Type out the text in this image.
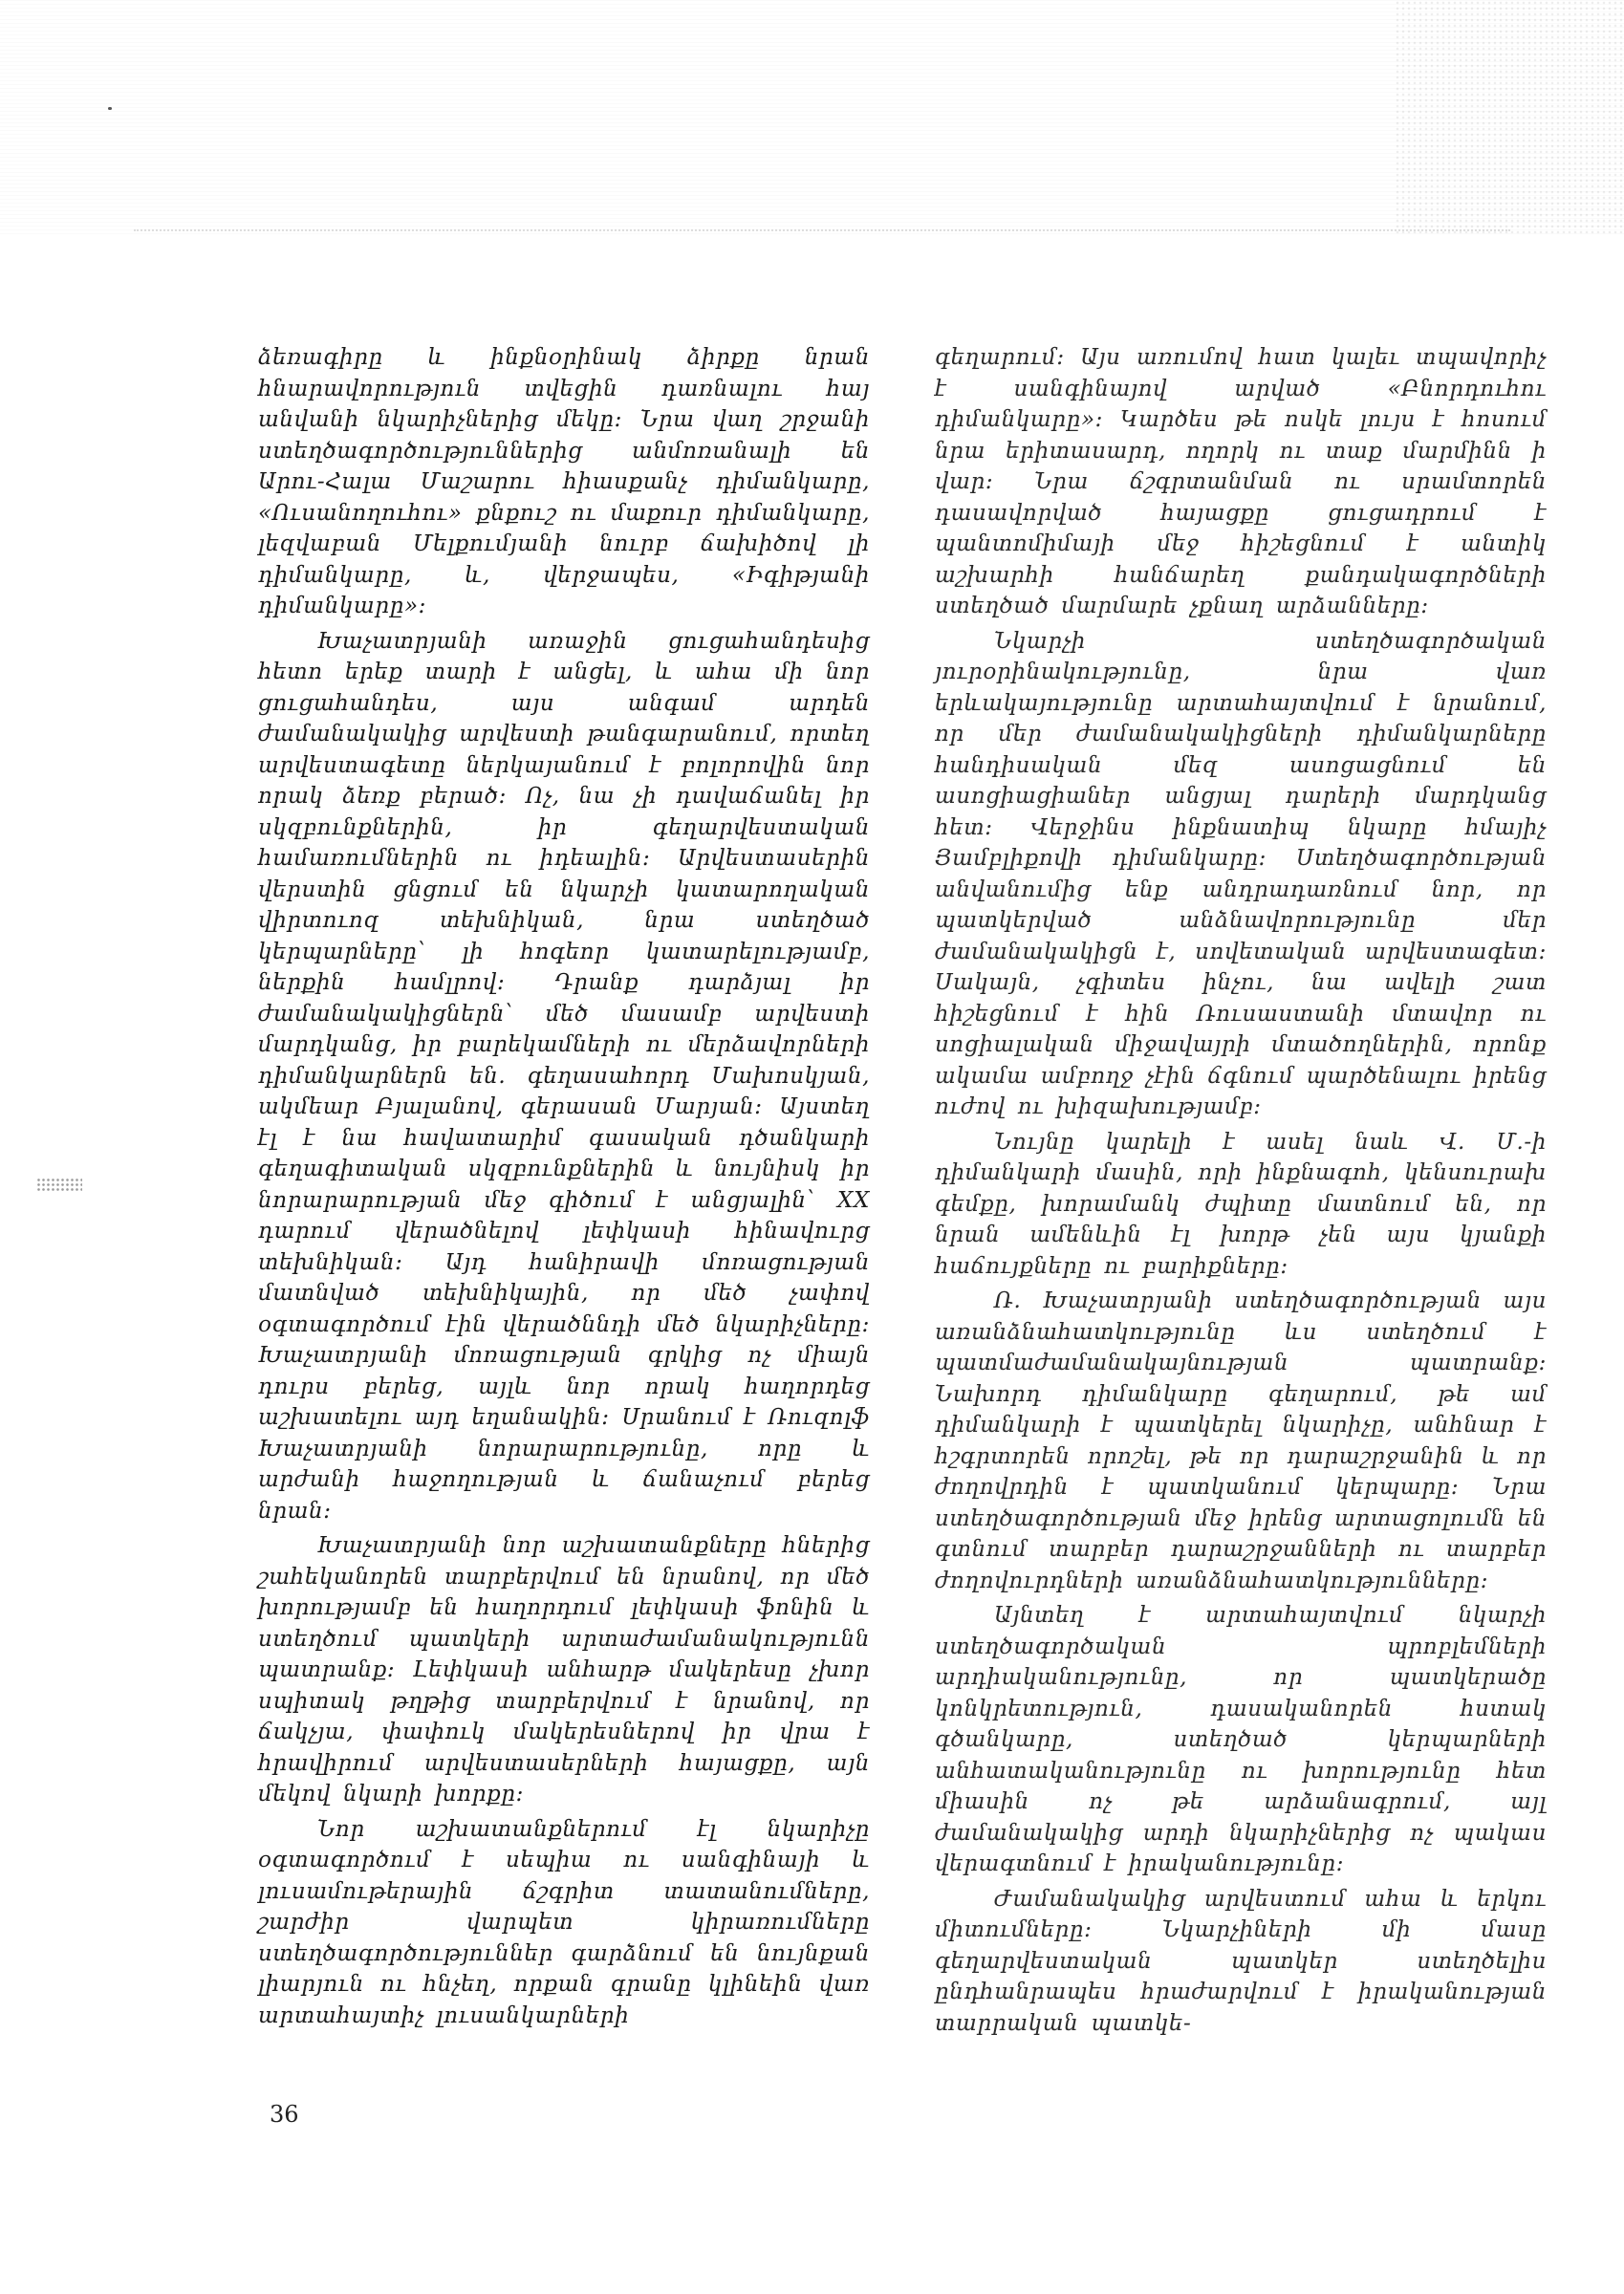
ձեռագիրը և ինքնօրինակ ձիրքը նրան հնարավորություն տվեցին դառնալու հայ անվանի նկարիչներից մեկը։ Նրա վաղ շրջանի ստեղծագործություններից անմոռանալի են Արու-Հալա Մաշարու հիասքանչ դիմանկարը, «Ուսանողուհու» քնքուշ ու մաքուր դիմանկարը, լեզվաբան Մելքումյանի նուրբ ճախիծով լի դիմանկարը, և, վերջապես, «Իգիթյանի դիմանկարը»։

Խաչատրյանի առաջին ցուցահանդեսից հետո երեք տարի է անցել, և ահա մի նոր ցուցահանդես, այս անգամ արդեն ժամանակակից արվեստի թանգարանում, որտեղ արվեստագետը ներկայանում է բոլորովին նոր որակ ձեռք բերած։ Ոչ, նա չի դավաճանել իր սկզբունքներին, իր գեղարվեստական համառումներին ու իդեալին։ Արվեստասերին վերստին ցնցում են նկարչի կատարողական վիրտուոզ տեխնիկան, նրա ստեղծած կերպարները՝ լի հոգեոր կատարելությամբ, ներքին համլրով։ Դրանք դարձյալ իր ժամանակակիցներն՝ մեծ մասամբ արվեստի մարդկանց, իր բարեկամների ու մերձավորների դիմանկարներն են. գեղասահորդ Մախոսկյան, ակմեար Բյալանով, գերասան Մարյան։ Այստեղ էլ է նա հավատարիմ գասական դծանկարի գեղագիտական սկզբունքներին և նույնիսկ իր նորարարության մեջ գիծում է անցյալին՝ XX դարում վերածնելով լեփկասի հինավուրց տեխնիկան։ Այդ հանիրավի մոռացության մատնված տեխնիկային, որ մեծ չափով օգտագործում էին վերածննդի մեծ նկարիչները։ Խաչատրյանի մոռացության գրկից ոչ միայն դուրս բերեց, այլև նոր որակ հաղորդեց աշխատելու այդ եղանակին։ Սրանում է Ռուզոլֆ Խաչատրյանի նորարարությունը, որը և արժանի հաջողության և ճանաչում բերեց նրան։

Խաչատրյանի նոր աշխատանքները հներից շահեկանորեն տարբերվում են նրանով, որ մեծ խորությամբ են հաղորդում լեփկասի ֆոնին և ստեղծում պատկերի արտաժամանակությունն պատրանք։ Լեփկասի անհարթ մակերեսը չխոր սպիտակ թղթից տարբերվում է նրանով, որ ճակչյա, փափուկ մակերեսներով իր վրա է հրավիրում արվեստասերների հայացքը, այն մեկով նկարի խորքը։

Նոր աշխատանքներում էլ նկարիչը օգտագործում է սեպիա ու սանգինայի և լուսամութերային ճշգրիտ տատանումները, շարժիր վարպետ կիրառումները ստեղծագործություններ գարձնում են նույնքան լիարյուն ու հնչեղ, որքան գրանը կլինեին վառ արտահայտիչ լուսանկարների

գեղարում։ Այս առումով հատ կալեւ տպավորիչ է սանգինայով արված «Բնորդուհու դիմանկարը»։ Կարծես թե ոսկե լույս է հոսում նրա երիտասարդ, ողորկ ու տաք մարմինն ի վար։ Նրա ճշգրտանման ու սրամտորեն դասավորված հայացքը ցուցադրում է պանտոմիմայի մեջ հիշեցնում է անտիկ աշխարհի հանճարեղ քանդակագործների ստեղծած մարմարե չքնաղ արձանները։

Նկարչի ստեղծագործական յուրօրինակությունը, նրա վառ երևակայությունը արտահայտվում է նրանում, որ մեր ժամանակակիցների դիմանկարները հանդիսական մեզ ասոցացնում են ասոցիացիաներ անցյալ դարերի մարդկանց հետ։ Վերջինս ինքնատիպ նկարը հմայիչ Յամբլիքովի դիմանկարը։ Ստեղծագործության անվանումից ենք անդրադառնում նոր, որ պատկերված անձնավորությունը մեր ժամանակակիցն է, սովետական արվեստագետ։ Սակայն, չգիտես ինչու, նա ավելի շատ հիշեցնում է հին Ռուսաստանի մտավոր ու սոցիալական միջավայրի մտածողներին, որոնք ակամա ամբողջ չէին ճգնում պարծենալու իրենց ուժով ու խիզախությամբ։

Նույնը կարելի է ասել նաև Վ. Մ.-ի դիմանկարի մասին, որի ինքնագոհ, կենսուրախ գեմքը, խորամանկ ժպիտը մատնում են, որ նրան ամենևին էլ խորթ չեն այս կյանքի հաճույքները ու բարիքները։

Ռ. Խաչատրյանի ստեղծագործության այս առանձնահատկությունը ևս ստեղծում է պատմաժամանակայնության պատրանք։ Նախորդ դիմանկարը գեղարում, թե ամ դիմանկարի է պատկերել նկարիչը, անհնար է հշգրտորեն որոշել, թե որ դարաշրջանին և որ ժողովրդին է պատկանում կերպարը։ Նրա ստեղծագործության մեջ իրենց արտացոլումն են գտնում տարբեր դարաշրջանների ու տարբեր ժողովուրդների առանձնահատկությունները։

Այնտեղ է արտահայտվում նկարչի ստեղծագործական պրոբլեմների արդիականությունը, որ պատկերածը կոնկրետություն, դասականորեն հստակ գծանկարը, ստեղծած կերպարների անհատականությունը ու խորությունը հետ միասին ոչ թե արձանագրում, այլ ժամանակակից արդի նկարիչներից ոչ պակաս վերագտնում է իրականությունը։

Ժամանակակից արվեստում ահա և երկու միտումները։ Նկարչիների մի մասը գեղարվեստական պատկեր ստեղծելիս ընդհանրապես հրաժարվում է իրականության տարրական պատկե-

36
